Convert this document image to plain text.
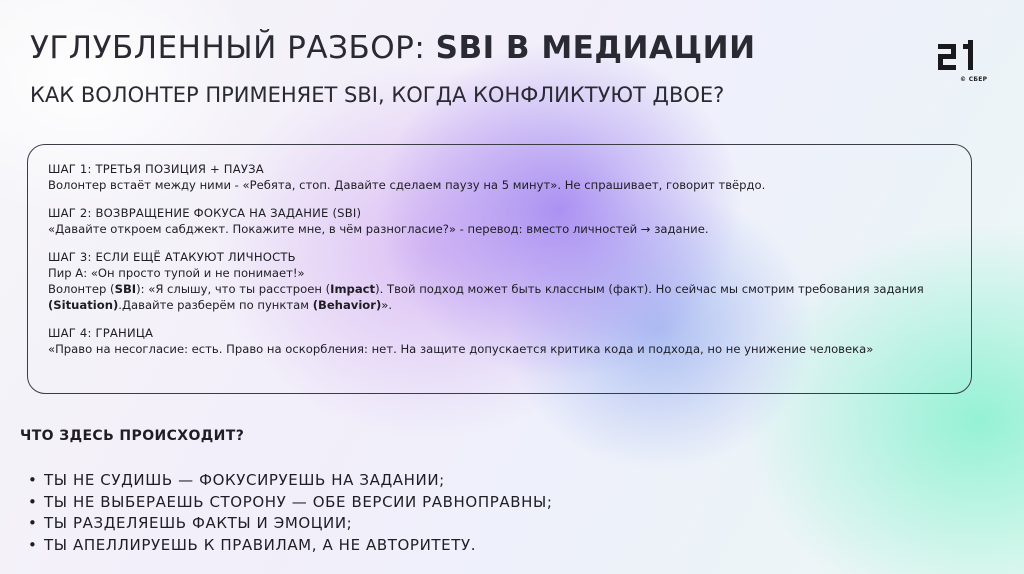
УГЛУБЛЕННЫЙ РАЗБОР: SBI В МЕДИАЦИИ
КАК ВОЛОНТЕР ПРИМЕНЯЕТ SBI, КОГДА КОНФЛИКТУЮТ ДВОЕ?
© СБЕР
ШАГ 1: ТРЕТЬЯ ПОЗИЦИЯ + ПАУЗА
Волонтер встаёт между ними - «Ребята, стоп. Давайте сделаем паузу на 5 минут». Не спрашивает, говорит твёрдо.
ШАГ 2: ВОЗВРАЩЕНИЕ ФОКУСА НА ЗАДАНИЕ (SBI)
«Давайте откроем сабджект. Покажите мне, в чём разногласие?» - перевод: вместо личностей → задание.
ШАГ 3: ЕСЛИ ЕЩЁ АТАКУЮТ ЛИЧНОСТЬ
Пир А: «Он просто тупой и не понимает!»
Волонтер (SBI): «Я слышу, что ты расстроен (Impact). Твой подход может быть классным (факт). Но сейчас мы смотрим требования задания
(Situation).Давайте разберём по пунктам (Behavior)».
ШАГ 4: ГРАНИЦА
«Право на несогласие: есть. Право на оскорбления: нет. На защите допускается критика кода и подхода, но не унижение человека»
ЧТО ЗДЕСЬ ПРОИСХОДИТ?
• ТЫ НЕ СУДИШЬ — ФОКУСИРУЕШЬ НА ЗАДАНИИ;
• ТЫ НЕ ВЫБЕРАЕШЬ СТОРОНУ — ОБЕ ВЕРСИИ РАВНОПРАВНЫ;
• ТЫ РАЗДЕЛЯЕШЬ ФАКТЫ И ЭМОЦИИ;
• ТЫ АПЕЛЛИРУЕШЬ К ПРАВИЛАМ, А НЕ АВТОРИТЕТУ.
